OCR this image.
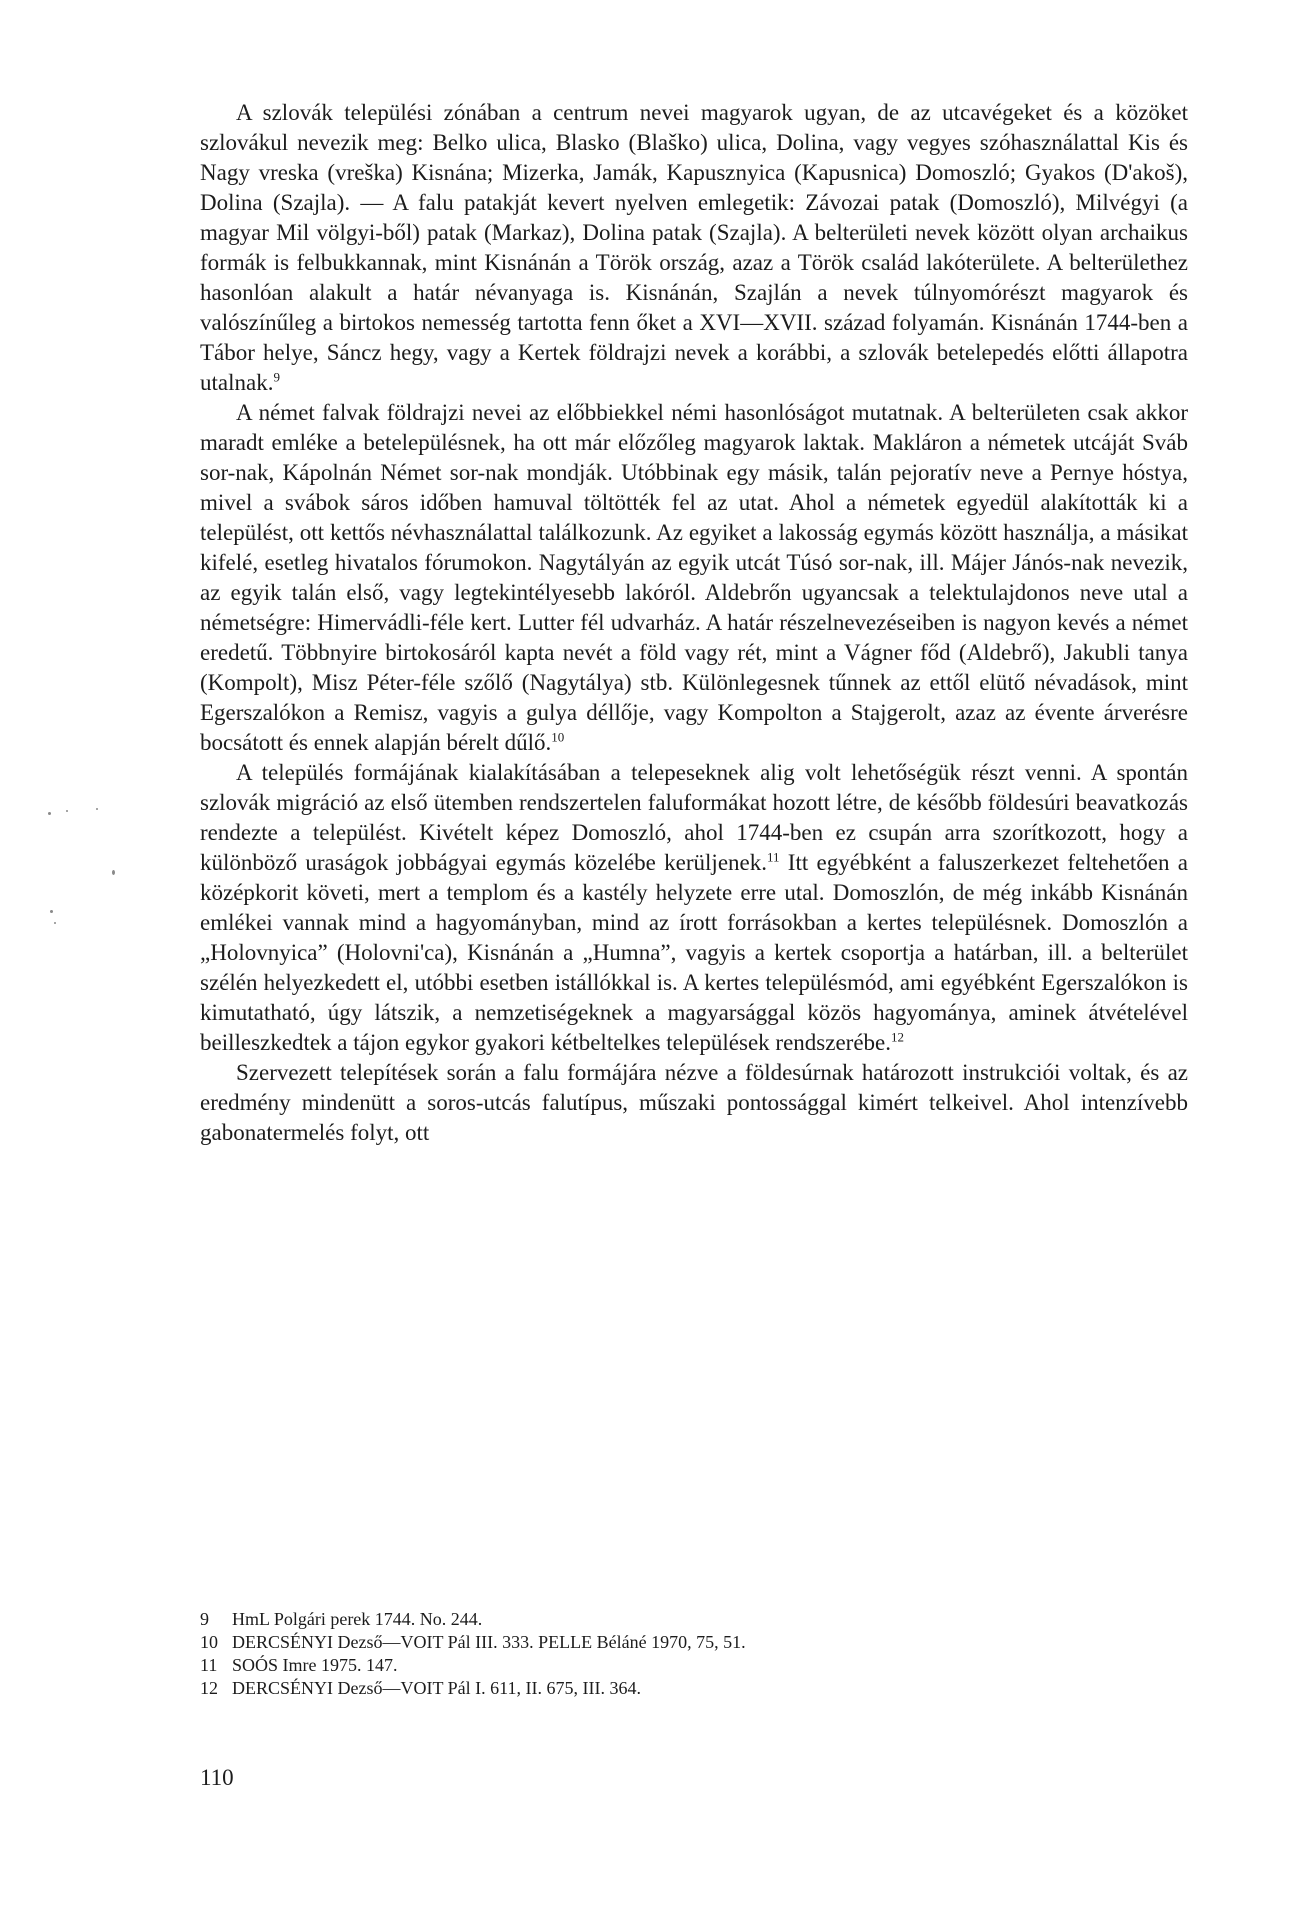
A szlovák települési zónában a centrum nevei magyarok ugyan, de az utcavégeket és a közöket szlovákul nevezik meg: Belko ulica, Blasko (Blaško) ulica, Dolina, vagy vegyes szóhasználattal Kis és Nagy vreska (vreška) Kisnána; Mizerka, Jamák, Kapusznyica (Kapusnica) Domoszló; Gyakos (D'akoš), Dolina (Szajla). — A falu patakját kevert nyelven emlegetik: Závozai patak (Domoszló), Milvégyi (a magyar Mil völgyi-ből) patak (Markaz), Dolina patak (Szajla). A belterületi nevek között olyan archaikus formák is felbukkannak, mint Kisnánán a Török ország, azaz a Török család lakóterülete. A belterülethez hasonlóan alakult a határ névanyaga is. Kisnánán, Szajlán a nevek túlnyomórészt magyarok és valószínűleg a birtokos nemesség tartotta fenn őket a XVI—XVII. század folyamán. Kisnánán 1744-ben a Tábor helye, Sáncz hegy, vagy a Kertek földrajzi nevek a korábbi, a szlovák betelepedés előtti állapotra utalnak.$^9$

A német falvak földrajzi nevei az előbbiekkel némi hasonlóságot mutatnak. A belterületen csak akkor maradt emléke a betelepülésnek, ha ott már előzőleg magyarok laktak. Makláron a németek utcáját Sváb sor-nak, Kápolnán Német sor-nak mondják. Utóbbinak egy másik, talán pejoratív neve a Pernye hóstya, mivel a svábok sáros időben hamuval töltötték fel az utat. Ahol a németek egyedül alakították ki a települést, ott kettős névhasználattal találkozunk. Az egyiket a lakosság egymás között használja, a másikat kifelé, esetleg hivatalos fórumokon. Nagytályán az egyik utcát Túsó sor-nak, ill. Májer Jánós-nak nevezik, az egyik talán első, vagy legtekintélyesebb lakóról. Aldebrőn ugyancsak a telektulajdonos neve utal a németségre: Himervádli-féle kert. Lutter fél udvarház. A határ részelnevezéseiben is nagyon kevés a német eredetű. Többnyire birtokosáról kapta nevét a föld vagy rét, mint a Vágner főd (Aldebrő), Jakubli tanya (Kompolt), Misz Péter-féle szőlő (Nagytálya) stb. Különlegesnek tűnnek az ettől elütő névadások, mint Egerszalókon a Remisz, vagyis a gulya déllője, vagy Kompolton a Stajgerolt, azaz az évente árverésre bocsátott és ennek alapján bérelt dűlő.$^{10}$

A település formájának kialakításában a telepeseknek alig volt lehetőségük részt venni. A spontán szlovák migráció az első ütemben rendszertelen faluformákat hozott létre, de később földesúri beavatkozás rendezte a települést. Kivételt képez Domoszló, ahol 1744-ben ez csupán arra szorítkozott, hogy a különböző uraságok jobbágyai egymás közelébe kerüljenek.$^{11}$ Itt egyébként a faluszerkezet feltehetően a középkorit követi, mert a templom és a kastély helyzete erre utal. Domoszlón, de még inkább Kisnánán emlékei vannak mind a hagyományban, mind az írott forrásokban a kertes településnek. Domoszlón a „Holovnyica” (Holovni'ca), Kisnánán a „Humna”, vagyis a kertek csoportja a határban, ill. a belterület szélén helyezkedett el, utóbbi esetben istállókkal is. A kertes településmód, ami egyébként Egerszalókon is kimutatható, úgy látszik, a nemzetiségeknek a magyarsággal közös hagyománya, aminek átvételével beilleszkedtek a tájon egykor gyakori kétbeltelkes települések rendszerébe.$^{12}$

Szervezett telepítések során a falu formájára nézve a földesúrnak határozott instrukciói voltak, és az eredmény mindenütt a soros-utcás falutípus, műszaki pontossággal kimért telkeivel. Ahol intenzívebb gabonatermelés folyt, ott

9	HmL Polgári perek 1744. No. 244.

10 DERCSÉNYI Dezső—VOIT Pál III. 333. PELLE Béláné 1970, 75, 51.

11 SOÓS Imre 1975. 147.

12 DERCSÉNYI Dezső—VOIT Pál I. 611, II. 675, III. 364.

110
